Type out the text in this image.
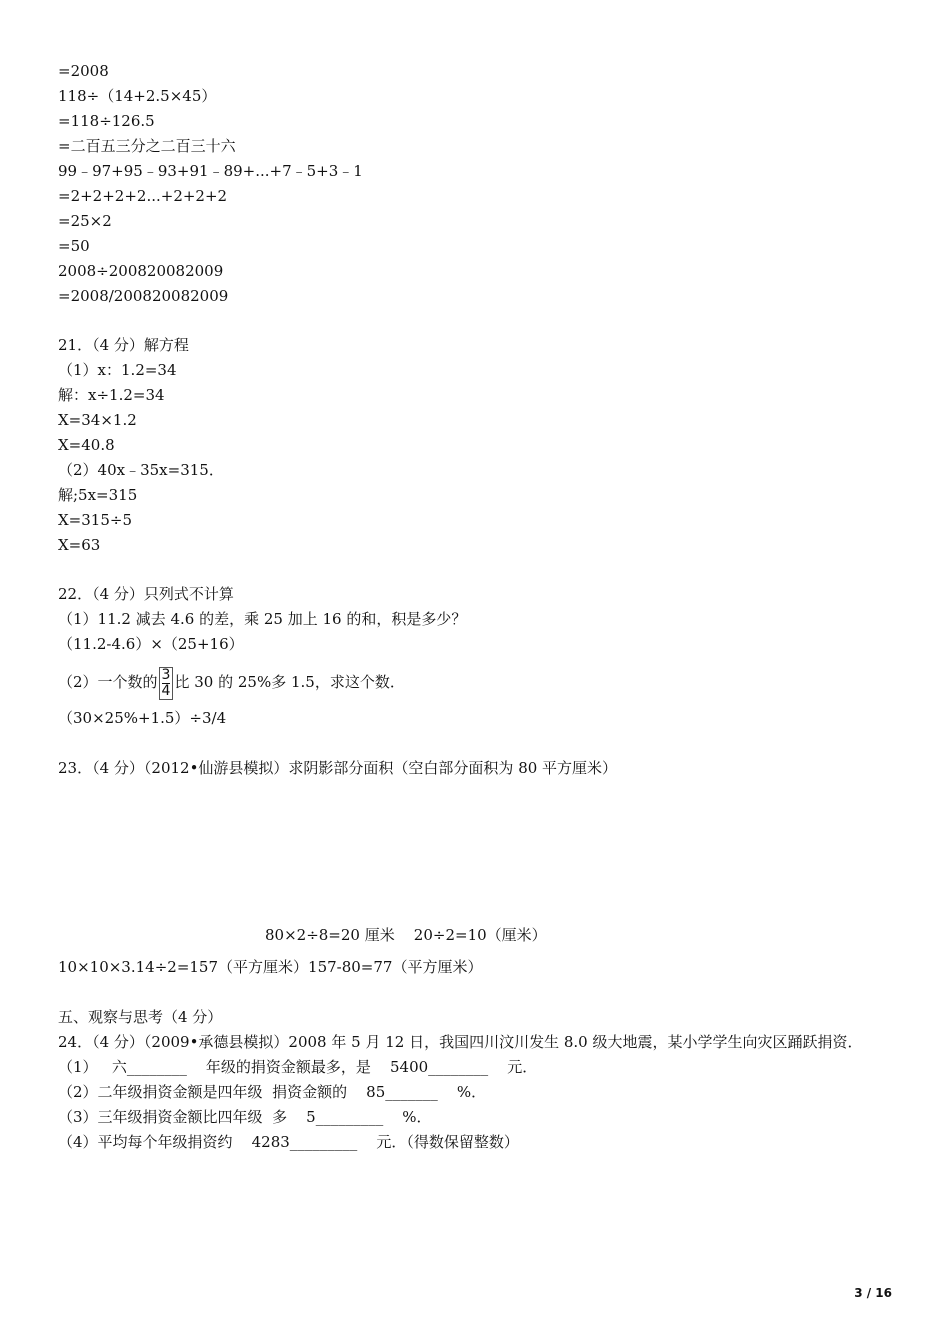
=2008
118÷（14+2.5×45）
=118÷126.5
=二百五三分之二百三十六
99﹣97+95﹣93+91﹣89+...+7﹣5+3﹣1
=2+2+2+2...+2+2+2
=25×2
=50
2008÷200820082009
=2008/200820082009
21．（4 分）解方程
（1）x：1.2=34
解：x÷1.2=34
X=34×1.2
X=40.8
（2）40x﹣35x=315．
解;5x=315
X=315÷5
X=63
22．（4 分）只列式不计算
（1）11.2 减去 4.6 的差，乘 25 加上 16 的和，积是多少？
（11.2-4.6）×（25+16）
（2）一个数的 $\frac{3}{4}$ 比 30 的 25%多 1.5，求这个数．
（30×25%+1.5）÷3/4
23．（4 分）（2012•仙游县模拟）求阴影部分面积（空白部分面积为 80 平方厘米）
80×2÷8=20 厘米    20÷2=10（厘米）
10×10×3.14÷2=157（平方厘米）157-80=77（平方厘米）
五、观察与思考（4 分）
24．（4 分）（2009•承德县模拟）2008 年 5 月 12 日，我国四川汶川发生 8.0 级大地震，某小学学生向灾区踊跃捐资．
（1）   六________    年级的捐资金额最多，是    5400________    元．
（2）二年级捐资金额是四年级  捐资金额的    85_______    %．
（3）三年级捐资金额比四年级  多    5_________    %．
（4）平均每个年级捐资约    4283_________    元．（得数保留整数）
3 / 16
